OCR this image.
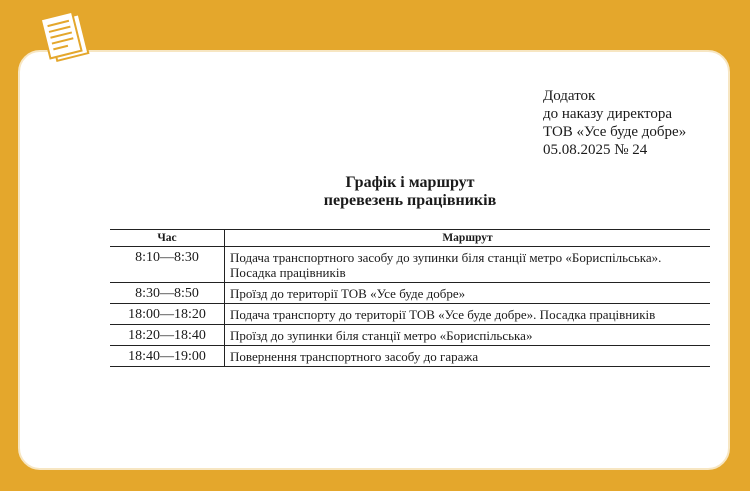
Додаток
до наказу директора
ТОВ «Усе буде добре»
05.08.2025 № 24
Графік і маршрут
перевезень працівників
Час	Маршрут
8:10—8:30	Подача транспортного засобу до зупинки біля станції метро «Бориспільська». Посадка працівників
8:30—8:50	Проїзд до території ТОВ «Усе буде добре»
18:00—18:20	Подача транспорту до території ТОВ «Усе буде добре». Посадка працівників
18:20—18:40	Проїзд до зупинки біля станції метро «Бориспільська»
18:40—19:00	Повернення транспортного засобу до гаража
